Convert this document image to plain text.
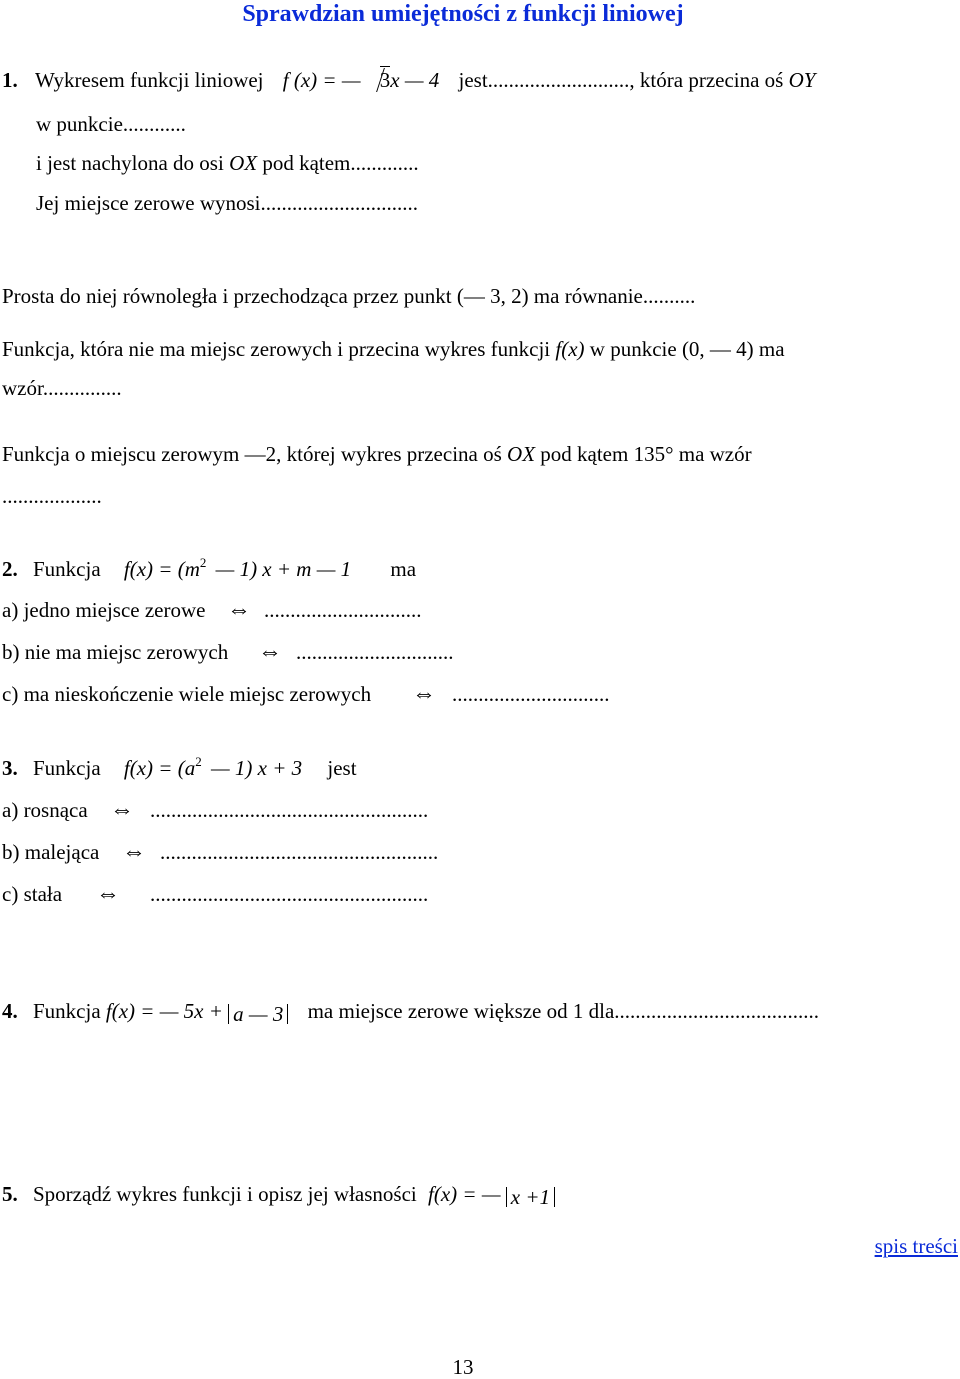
Sprawdzian umiejętności z funkcji liniowej
1. Wykresem funkcji liniowej f (x) = — 3x — 4 jest..........................., która przecina oś OY
w punkcie............
i jest nachylona do osi OX pod kątem.............
Jej miejsce zerowe wynosi..............................
Prosta do niej równoległa i przechodząca przez punkt (— 3, 2) ma równanie..........
Funkcja, która nie ma miejsc zerowych i przecina wykres funkcji f(x) w punkcie (0, — 4) ma
wzór...............
Funkcja o miejscu zerowym —2, której wykres przecina oś OX pod kątem 135° ma wzór
...................
2. Funkcja $f(x) = (m^2$ — 1) x + m — 1 ma
a) jedno miejsce zerowe ⇔ ..............................
b) nie ma miejsc zerowych ⇔ ..............................
c) ma nieskończenie wiele miejsc zerowych ⇔ ..............................
3. Funkcja $f(x) = (a^2$ — 1) x + 3 jest
a) rosnąca ⇔ .....................................................
b) malejąca ⇔ .....................................................
c) stała ⇔ .....................................................
4. Funkcja f(x) = — 5x + a — 3 ma miejsce zerowe większe od 1 dla.......................................
5. Sporządź wykres funkcji i opisz jej własności f(x) = — x +1
spis treści
13
